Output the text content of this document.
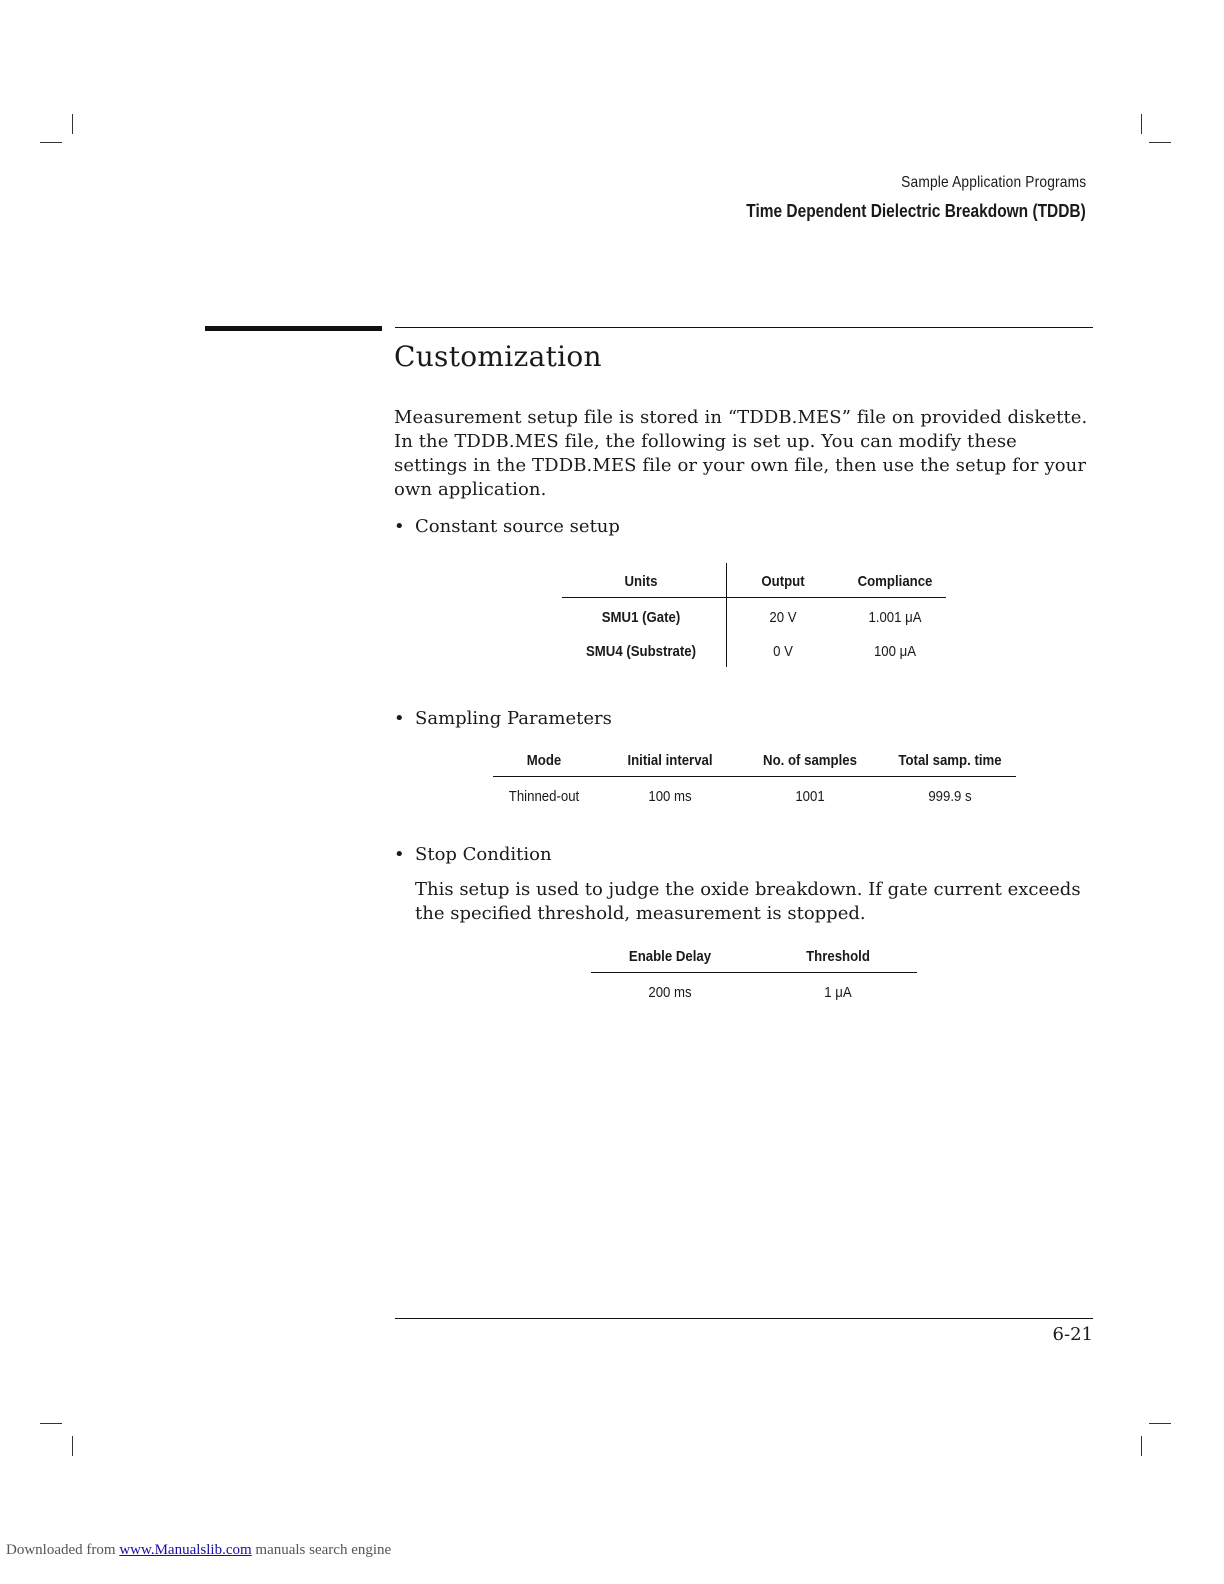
Sample Application Programs
Time Dependent Dielectric Breakdown (TDDB)
Customization
Measurement setup file is stored in “TDDB.MES” file on provided diskette. In the TDDB.MES file, the following is set up. You can modify these settings in the TDDB.MES file or your own file, then use the setup for your own application.
• Constant source setup
Units	Output	Compliance
SMU1 (Gate)	20 V	1.001 μA
SMU4 (Substrate)	0 V	100 μA
• Sampling Parameters
Mode	Initial interval	No. of samples	Total samp. time
Thinned-out	100 ms	1001	999.9 s
• Stop Condition
This setup is used to judge the oxide breakdown. If gate current exceeds the specified threshold, measurement is stopped.
Enable Delay	Threshold
200 ms	1 μA
6-21
Downloaded from www.Manualslib.com manuals search engine
